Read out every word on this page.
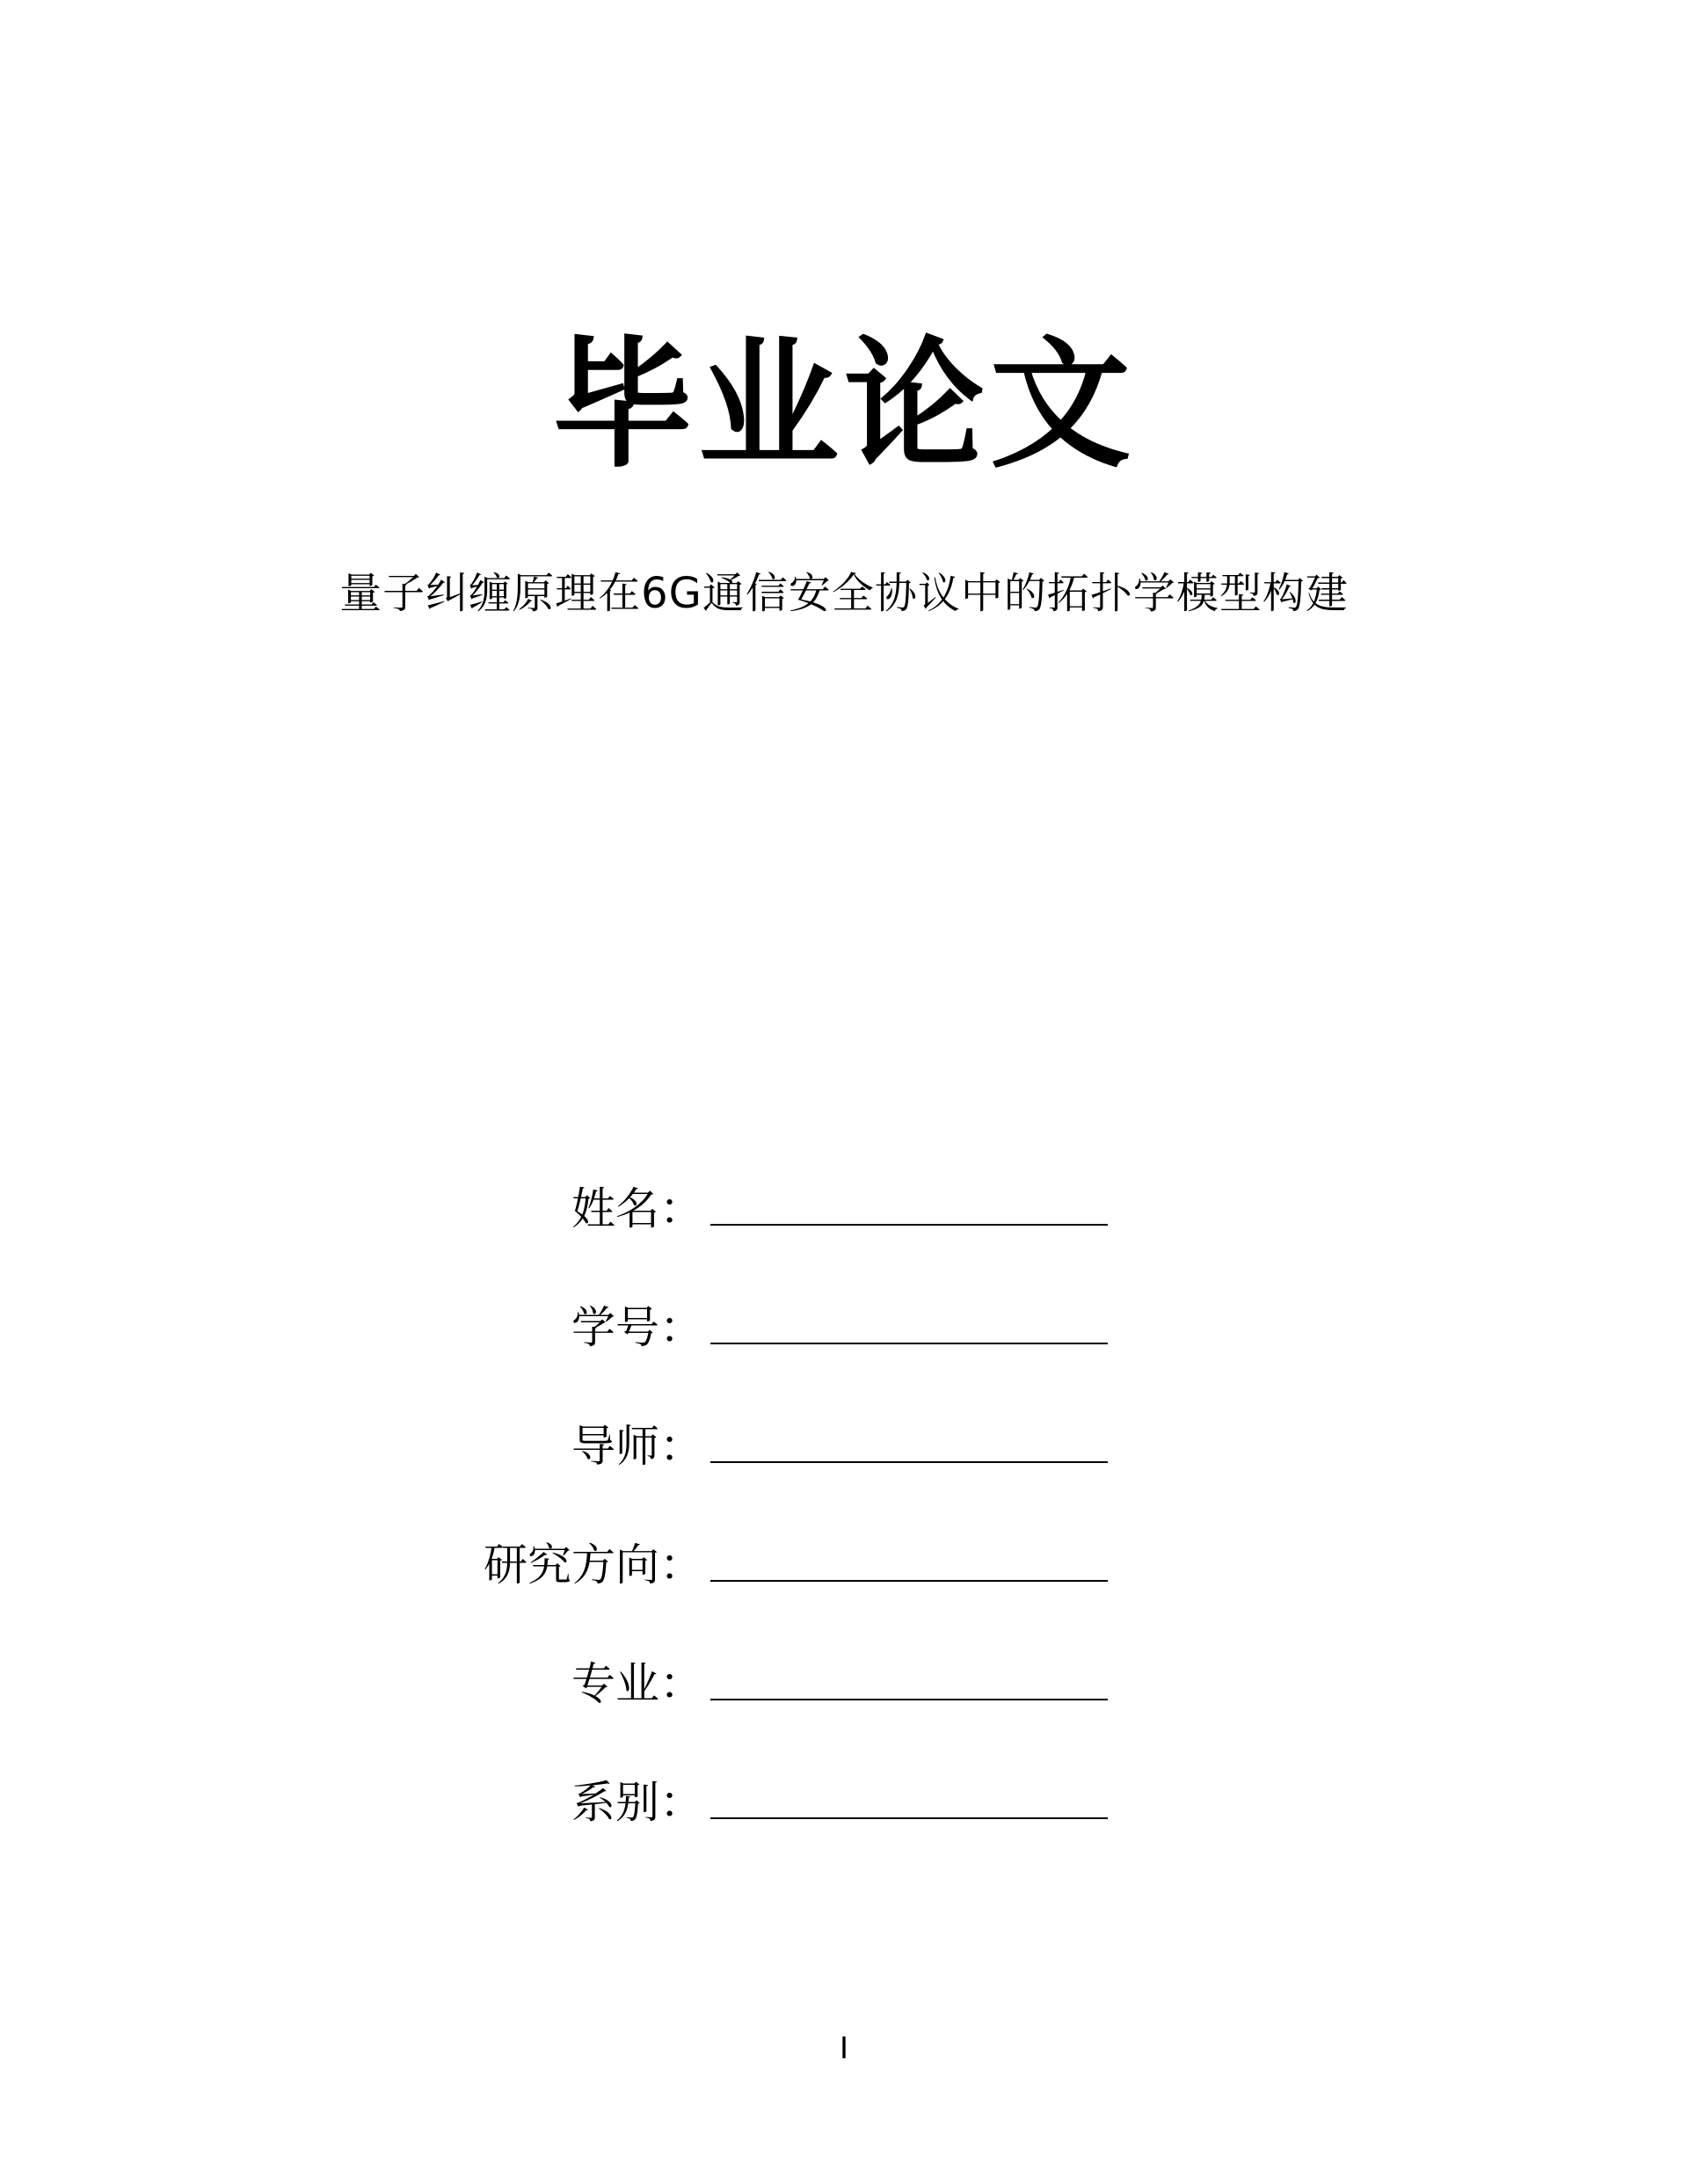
毕业论文
量子纠缠原理在6G通信安全协议中的拓扑学模型构建
姓名：
学号：
导师：
研究方向：
专业：
系别：
I
